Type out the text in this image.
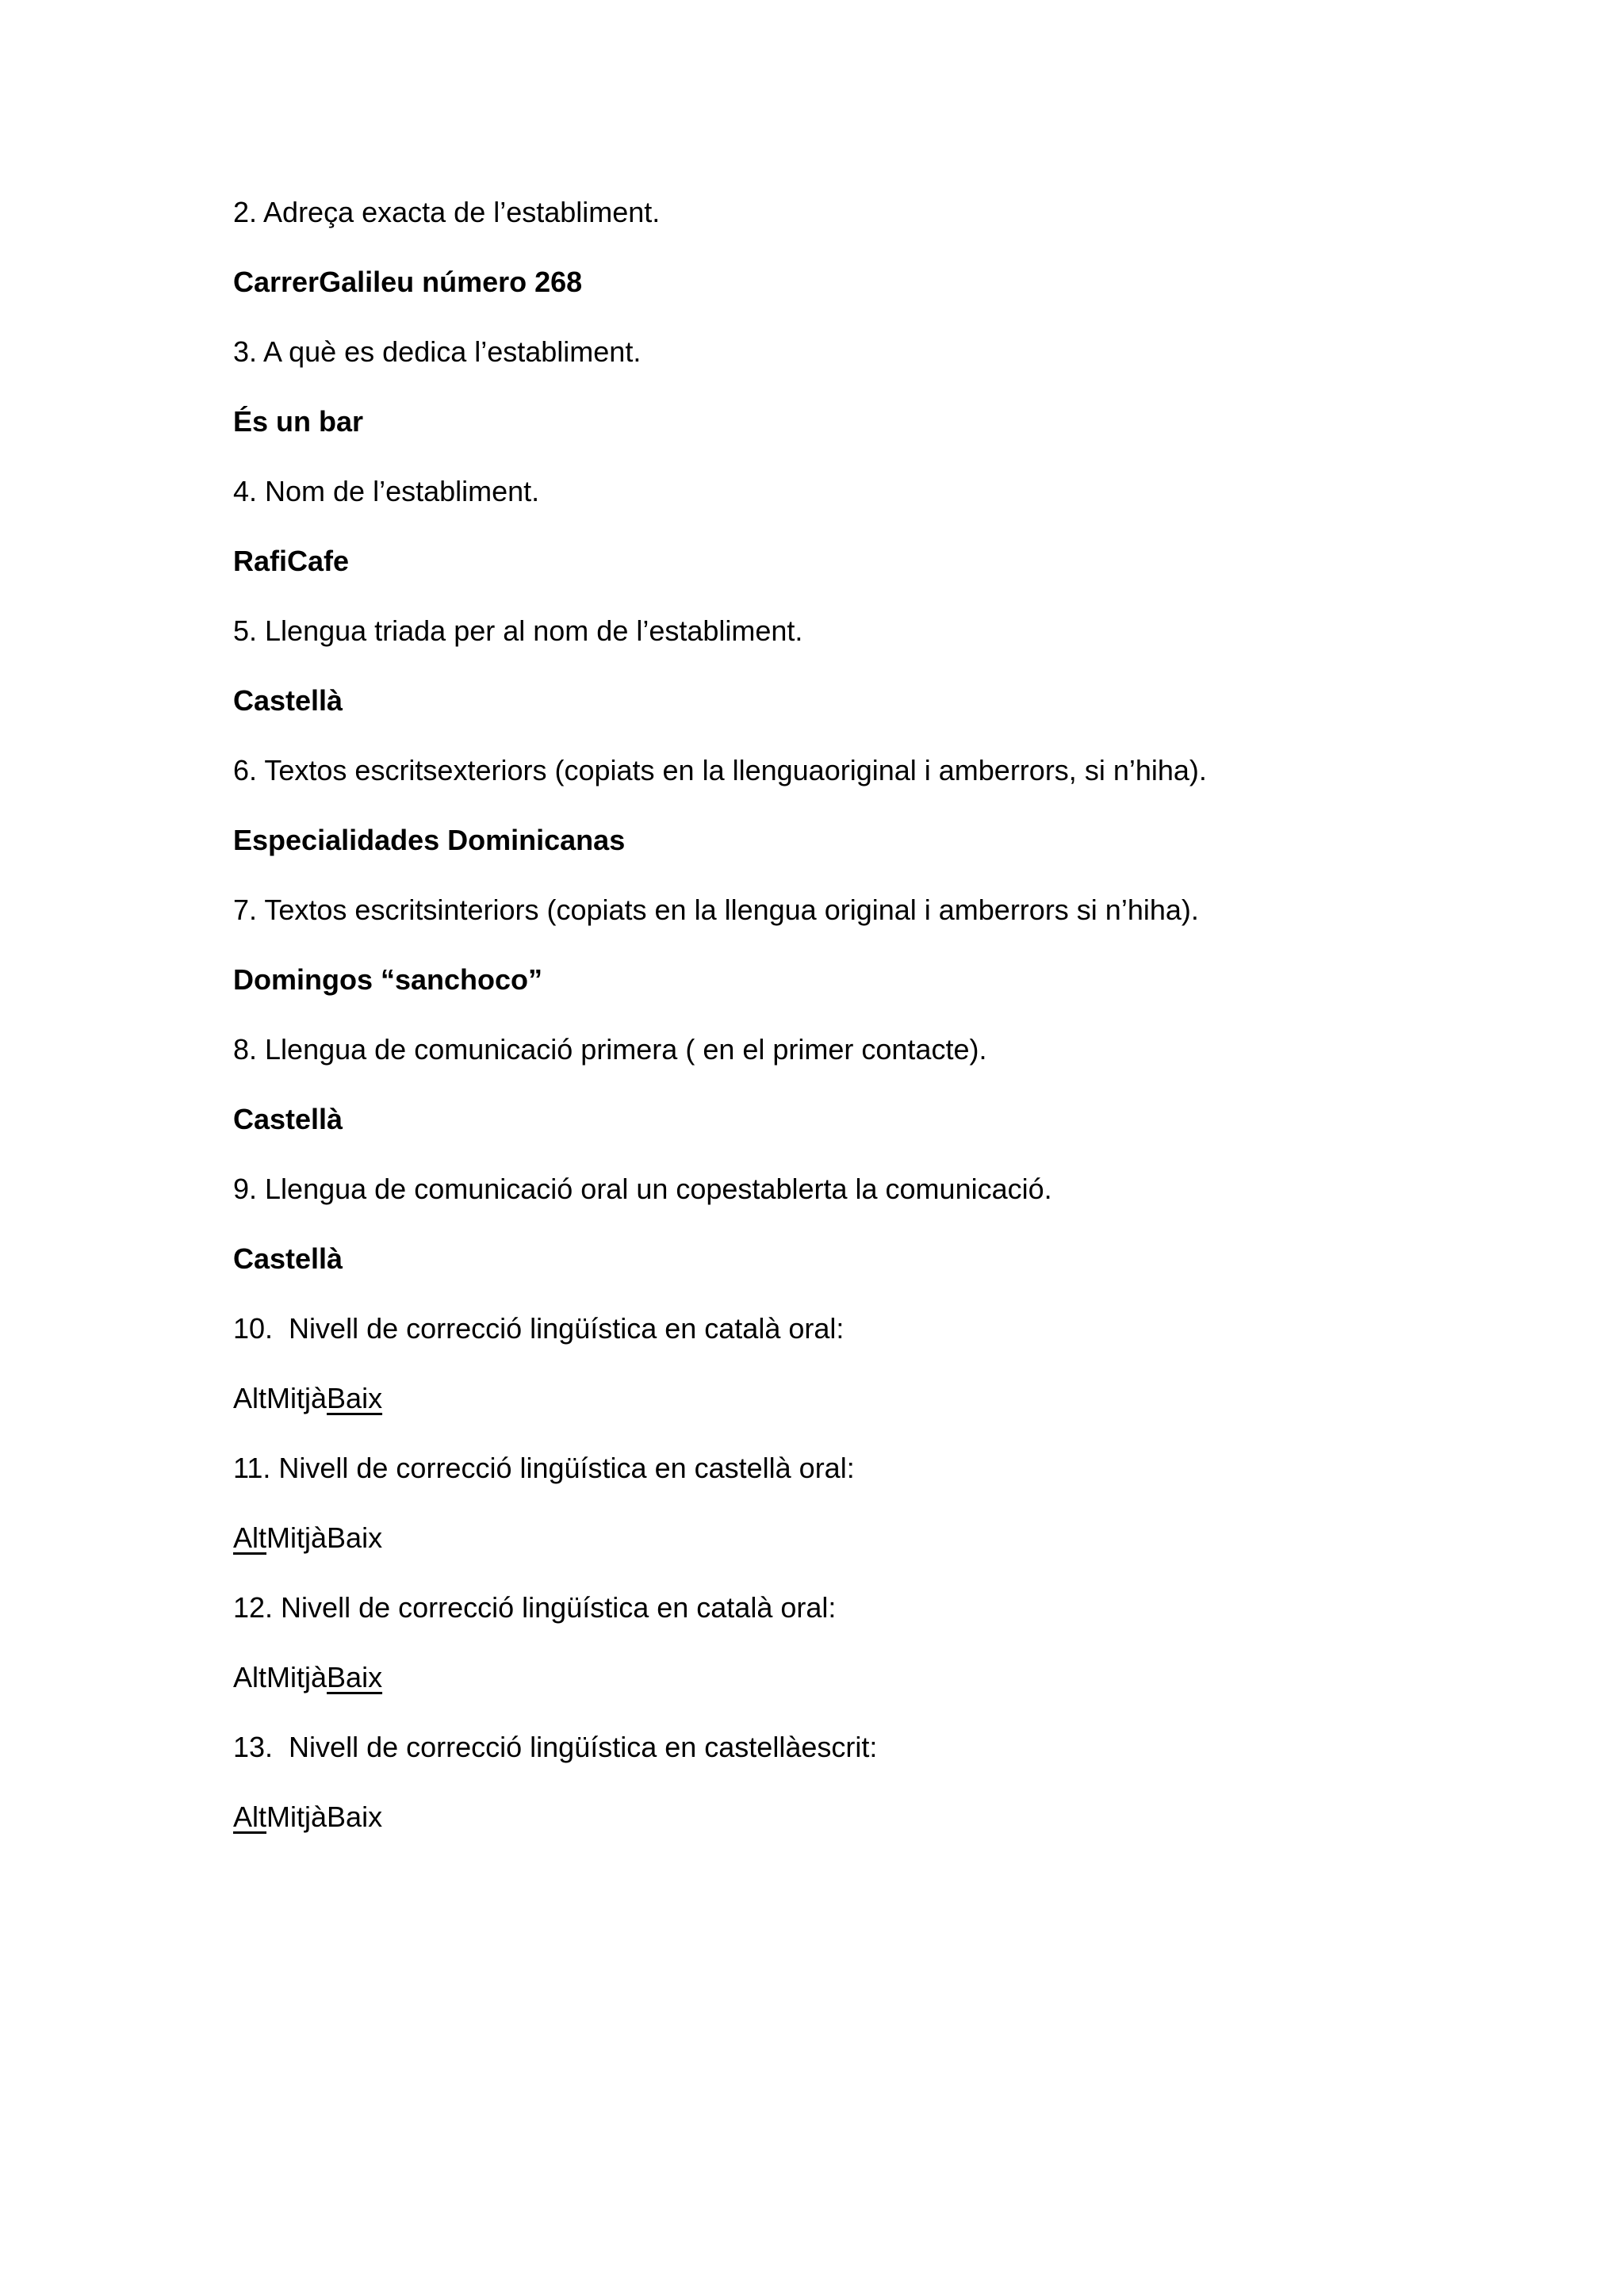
2. Adreça exacta de l’establiment.
CarrerGalileu número 268
3. A què es dedica l’establiment.
És un bar
4. Nom de l’establiment.
RafiCafe
5. Llengua triada per al nom de l’establiment.
Castellà
6. Textos escritsexteriors (copiats en la llenguaoriginal i amberrors, si n’hiha).
Especialidades Dominicanas
7. Textos escritsinteriors (copiats en la llengua original i amberrors si n’hiha).
Domingos “sanchoco”
8. Llengua de comunicació primera ( en el primer contacte).
Castellà
9. Llengua de comunicació oral un copestablerta la comunicació.
Castellà
10.  Nivell de correcció lingüística en català oral:
AltMitjàBaix
11. Nivell de correcció lingüística en castellà oral:
AltMitjàBaix
12. Nivell de correcció lingüística en català oral:
AltMitjàBaix
13.  Nivell de correcció lingüística en castellàescrit:
AltMitjàBaix
